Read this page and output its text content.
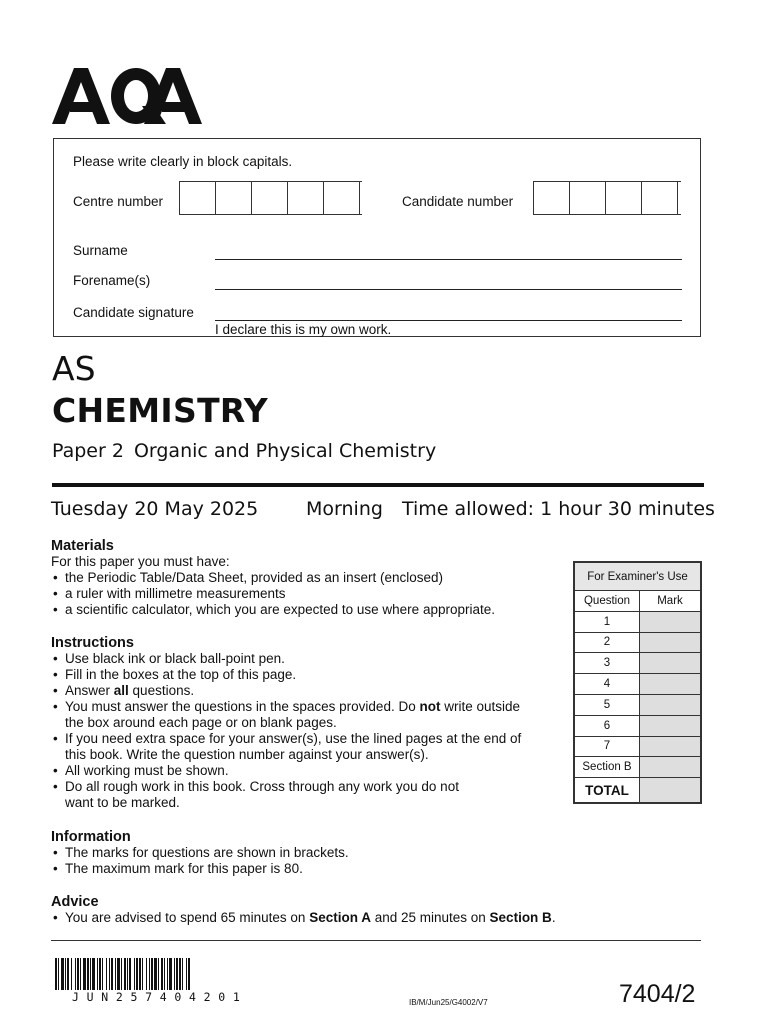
Please write clearly in block capitals.
Centre number	Candidate number
Surname
Forename(s)
Candidate signature
I declare this is my own work.
AS
CHEMISTRY
Paper 2 Organic and Physical Chemistry
Tuesday 20 May 2025	Morning Time allowed: 1 hour 30 minutes
Materials
For this paper you must have:
• the Periodic Table/Data Sheet, provided as an insert (enclosed)
• a ruler with millimetre measurements
• a scientific calculator, which you are expected to use where appropriate.
Instructions
• Use black ink or black ball-point pen.
• Fill in the boxes at the top of this page.
• Answer all questions.
• You must answer the questions in the spaces provided. Do not write outside
the box around each page or on blank pages.
• If you need extra space for your answer(s), use the lined pages at the end of
this book. Write the question number against your answer(s).
• All working must be shown.
• Do all rough work in this book. Cross through any work you do not
want to be marked.
Information
• The marks for questions are shown in brackets.
• The maximum mark for this paper is 80.
Advice
• You are advised to spend 65 minutes on Section A and 25 minutes on Section B.
For Examiner's Use	
Question	Mark
1	
2	
3	
4	
5	
6	
7	
Section B	
TOTAL	
JUN257404201	IB/M/Jun25/G4002/V7	7404/2
